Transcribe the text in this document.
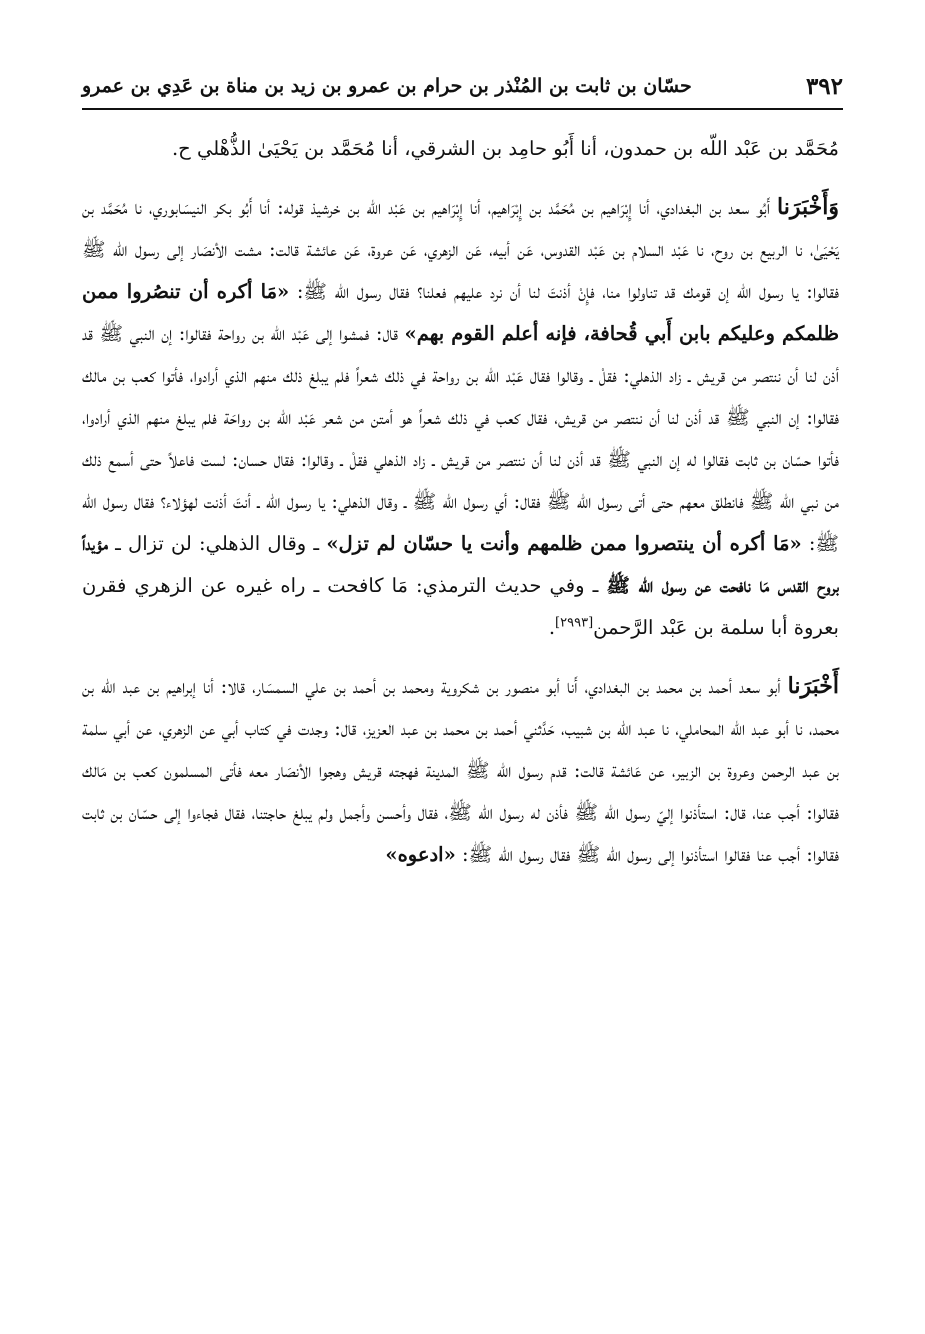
٣٩٢
حسّان بن ثابت بن المُنْذر بن حرام بن عمرو بن زيد بن مناة بن عَدِي بن عمرو

مُحَمَّد بن عَبْد اللّه بن حمدون، أنا أَبُو حامِد بن الشرقي، أنا مُحَمَّد بن يَحْيَىٰ الذُّهْلي ح.

وَأَخْبَرَنا أَبُو سعد بن البغدادي، أنا إِبْرَاهيم بن مُحَمَّد بن إِبْرَاهيم، أنا إِبْرَاهيم بن عَبْد اللّه بن خرشيذ قوله: أنا أَبُو بكر النيسَابوري، نا مُحَمَّد بن يَحْيَىٰ، نا الربيع بن روح، نا عَبْد السلام بن عَبْد القدوس، عَن أبيه، عَن الزهري، عَن عروة، عَن عائشة قالت: مشت الأنصَار إلى رسول اللّه ﷺ فقالوا: يا رسول اللّه إن قومك قد تناولوا منا، فإِنْ أذنتَ لنا أن نرد عليهم فعلنا؟ فقال رسول اللّه ﷺ: «مَا أكره أن تنصُروا ممن ظلمكم وعليكم بابن أَبي قُحافة، فإنه أعلم القوم بهم» قال: فمشوا إلى عَبْد اللّه بن رواحة فقالوا: إن النبي ﷺ قد أذن لنا أن ننتصر من قريش ـ زاد الذهلي: فقلْ ـ وقالوا فقال عَبْد اللّه بن رواحة في ذلك شعراً فلم يبلغ ذلك منهم الذي أرادوا، فأتوا كعب بن مالك فقالوا: إن النبي ﷺ قد أذن لنا أن ننتصر من قريش، فقال كعب في ذلك شعراً هو أمتن من شعر عَبْد اللّه بن رواحَة فلم يبلغ منهم الذي أرادوا، فأتوا حسّان بن ثابت فقالوا له إن النبي ﷺ قد أذن لنا أن ننتصر من قريش ـ زاد الذهلي فقلْ ـ وقالوا: فقال حسان: لست فاعلاً حتى أسمع ذلك من نبي اللّه ﷺ فانطلق معهم حتى أتى رسول اللّه ﷺ فقال: أي رسول اللّه ﷺ ـ وقال الذهلي: يا رسول اللّه ـ أنتَ أذنت لهؤلاء؟ فقال رسول اللّه ﷺ: «مَا أكره أن ينتصروا ممن ظلمهم وأنت يا حسّان لم تزل» ـ وقال الذهلي: لن تزال ـ مؤيداً بروح القدس مَا نافحت عن رسول اللّه ﷺ ـ وفي حديث الترمذي: مَا كافحت ـ راه غيره عن الزهري فقرن بعروة أبا سلمة بن عَبْد الرَّحمن[٢٩٩٣].

أَخْبَرَنا أبو سعد أحمد بن محمد بن البغدادي، أَنا أبو منصور بن شكروية ومحمد بن أحمد بن علي السمسَار، قالا: أنا إبراهيم بن عبد اللّه بن محمد، نا أبو عبد اللّه المحاملي، نا عبد اللّه بن شبيب، حَدَّثني أحمد بن محمد بن عبد العزيز، قال: وجدت في كتاب أبي عن الزهري، عن أبي سلمة بن عبد الرحمن وعروة بن الزبير، عن عَائشة قالت: قدم رسول اللّه ﷺ المدينة فهجته قريش وهجوا الأنصَار معه فأتى المسلمون كعب بن مَالك فقالوا: أجب عنا، قال: استأذنوا إليّ رسول اللّه ﷺ فأذن له رسول اللّه ﷺ، فقال وأحسن وأجمل ولم يبلغ حاجتنا، فقال فجاءوا إلى حسّان بن ثابت فقالوا: أجب عنا فقالوا استأذنوا إلى رسول اللّه ﷺ فقال رسول اللّه ﷺ: «ادعوه»
